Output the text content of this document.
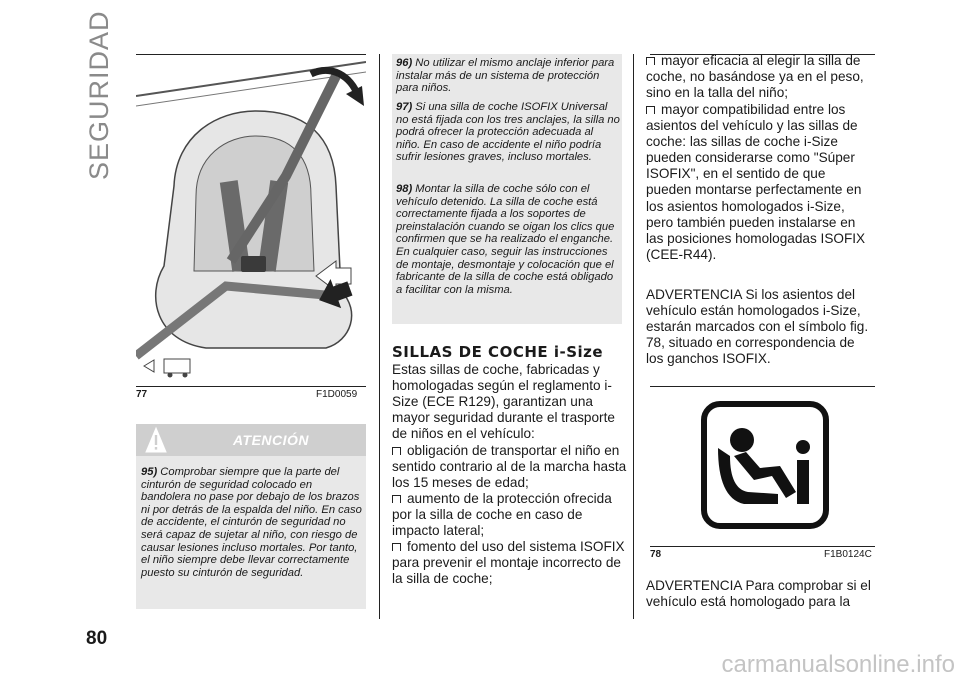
SEGURIDAD
77	F1D0059
ATENCIÓN
95) Comprobar siempre que la parte del cinturón de seguridad colocado en bandolera no pase por debajo de los brazos ni por detrás de la espalda del niño. En caso de accidente, el cinturón de seguridad no será capaz de sujetar al niño, con riesgo de causar lesiones incluso mortales. Por tanto, el niño siempre debe llevar correctamente puesto su cinturón de seguridad.
96) No utilizar el mismo anclaje inferior para instalar más de un sistema de protección para niños.
97) Si una silla de coche ISOFIX Universal no está fijada con los tres anclajes, la silla no podrá ofrecer la protección adecuada al niño. En caso de accidente el niño podría sufrir lesiones graves, incluso mortales.
98) Montar la silla de coche sólo con el vehículo detenido. La silla de coche está correctamente fijada a los soportes de preinstalación cuando se oigan los clics que confirmen que se ha realizado el enganche. En cualquier caso, seguir las instrucciones de montaje, desmontaje y colocación que el fabricante de la silla de coche está obligado a facilitar con la misma.
SILLAS DE COCHE i-Size
Estas sillas de coche, fabricadas y homologadas según el reglamento i-Size (ECE R129), garantizan una mayor seguridad durante el trasporte de niños en el vehículo:
obligación de transportar el niño en sentido contrario al de la marcha hasta los 15 meses de edad;
aumento de la protección ofrecida por la silla de coche en caso de impacto lateral;
fomento del uso del sistema ISOFIX para prevenir el montaje incorrecto de la silla de coche;
mayor eficacia al elegir la silla de coche, no basándose ya en el peso, sino en la talla del niño;
mayor compatibilidad entre los asientos del vehículo y las sillas de coche: las sillas de coche i-Size pueden considerarse como "Súper ISOFIX", en el sentido de que pueden montarse perfectamente en los asientos homologados i-Size, pero también pueden instalarse en las posiciones homologadas ISOFIX (CEE-R44).
ADVERTENCIA Si los asientos del vehículo están homologados i-Size, estarán marcados con el símbolo fig. 78, situado en correspondencia de los ganchos ISOFIX.
78	F1B0124C
ADVERTENCIA Para comprobar si el vehículo está homologado para la
80
carmanualsonline.info
